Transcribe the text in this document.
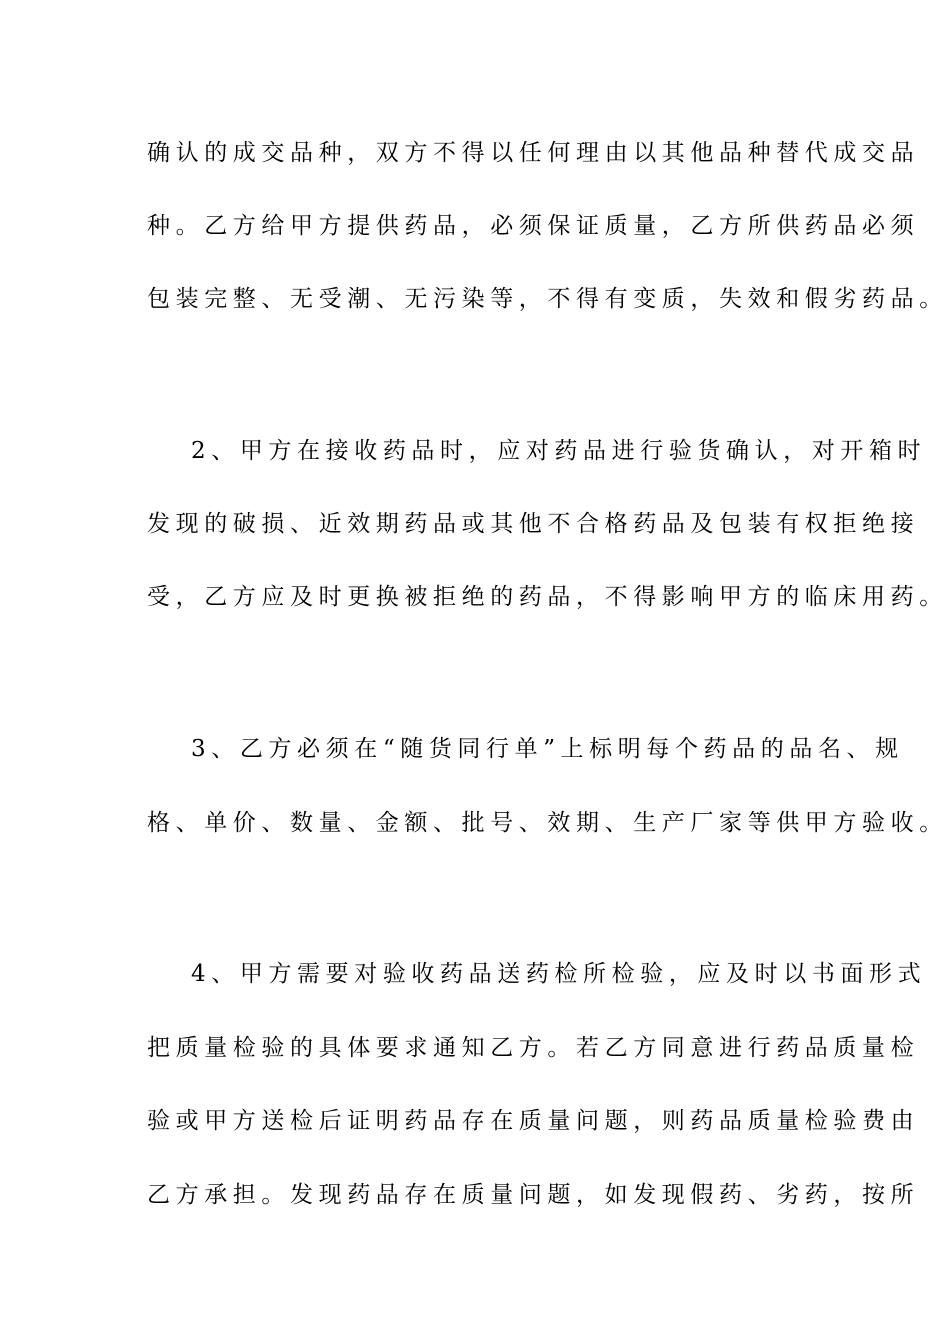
确认的成交品种，双方不得以任何理由以其他品种替代成交品
种。乙方给甲方提供药品，必须保证质量，乙方所供药品必须
包装完整、无受潮、无污染等，不得有变质，失效和假劣药品。
2、甲方在接收药品时，应对药品进行验货确认，对开箱时
发现的破损、近效期药品或其他不合格药品及包装有权拒绝接
受，乙方应及时更换被拒绝的药品，不得影响甲方的临床用药。
3、乙方必须在“随货同行单”上标明每个药品的品名、规
格、单价、数量、金额、批号、效期、生产厂家等供甲方验收。
4、甲方需要对验收药品送药检所检验，应及时以书面形式
把质量检验的具体要求通知乙方。若乙方同意进行药品质量检
验或甲方送检后证明药品存在质量问题，则药品质量检验费由
乙方承担。发现药品存在质量问题，如发现假药、劣药，按所
